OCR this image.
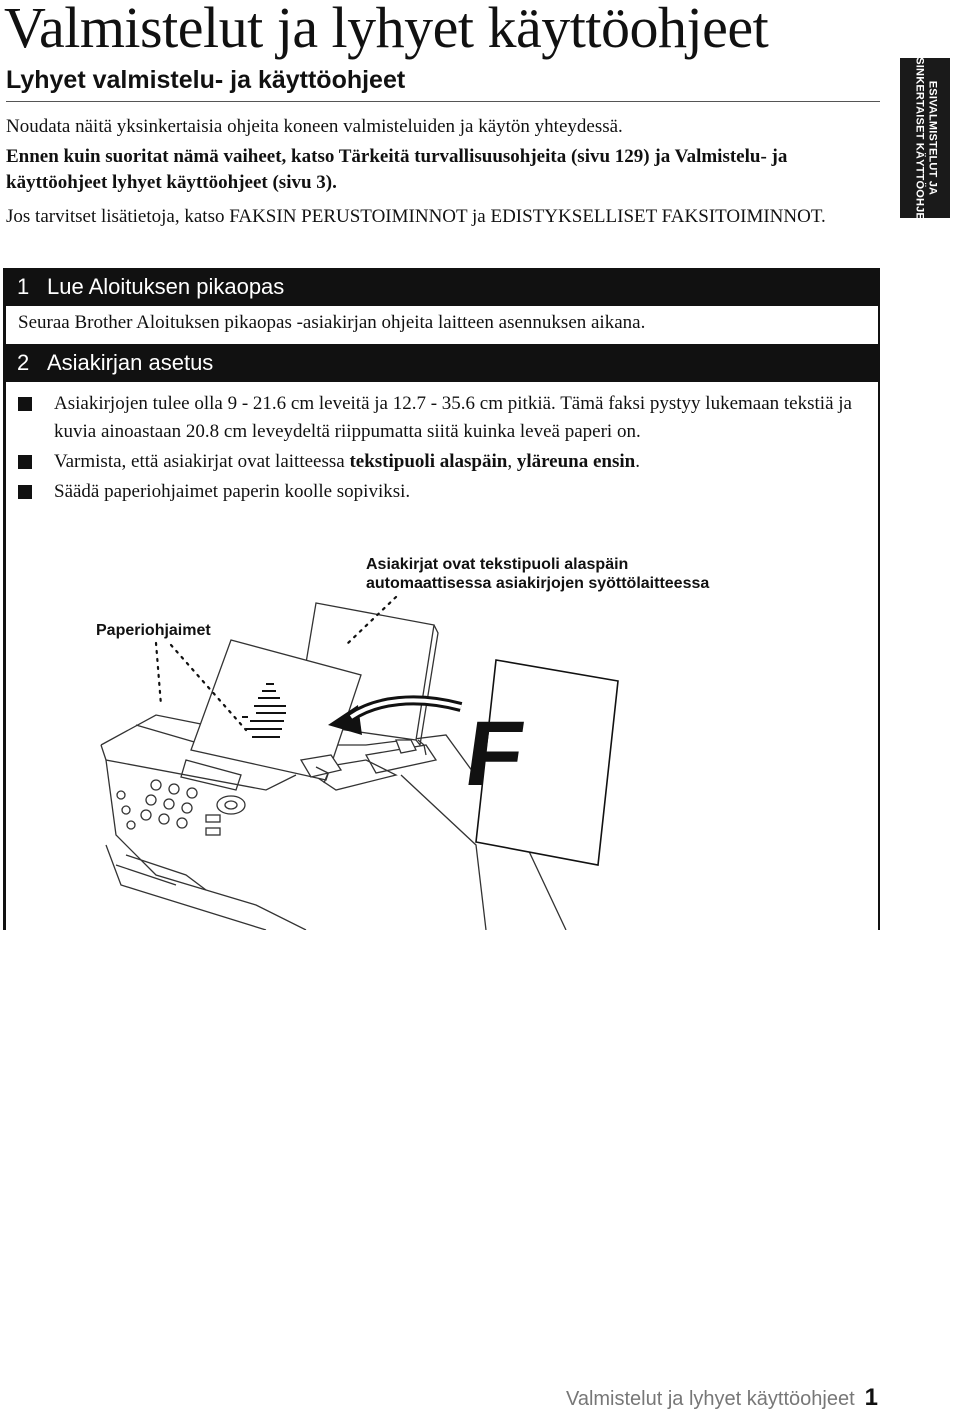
Valmistelut ja lyhyet käyttöohjeet
Lyhyet valmistelu- ja käyttöohjeet

Noudata näitä yksinkertaisia ohjeita koneen valmisteluiden ja käytön yhteydessä.

Ennen kuin suoritat nämä vaiheet, katso Tärkeitä turvallisuusohjeita (sivu 129) ja Valmistelu- ja käyttöohjeet lyhyet käyttöohjeet (sivu 3).

Jos tarvitset lisätietoja, katso FAKSIN PERUSTOIMINNOT ja EDISTYKSELLISET FAKSITOIMINNOT.

ESIVALMISTELUT JA
YKSINKERTAISET KÄYTTÖOHJEET
1 Lue Aloituksen pikaopas

Seuraa Brother Aloituksen pikaopas -asiakirjan ohjeita laitteen asennuksen aikana.

2 Asiakirjan asetus
Asiakirjojen tulee olla 9 - 21.6 cm leveitä ja 12.7 - 35.6 cm pitkiä. Tämä faksi pystyy lukemaan tekstiä ja kuvia ainoastaan 20.8 cm leveydeltä riippumatta siitä kuinka leveä paperi on.
Varmista, että asiakirjat ovat laitteessa tekstipuoli alaspäin, yläreuna ensin.
Säädä paperiohjaimet paperin koolle sopiviksi.
F
Asiakirjat ovat tekstipuoli alaspäin
automaattisessa asiakirjojen syöttölaitteessa
Paperiohjaimet
Valmistelut ja lyhyet käyttöohjeet 1
